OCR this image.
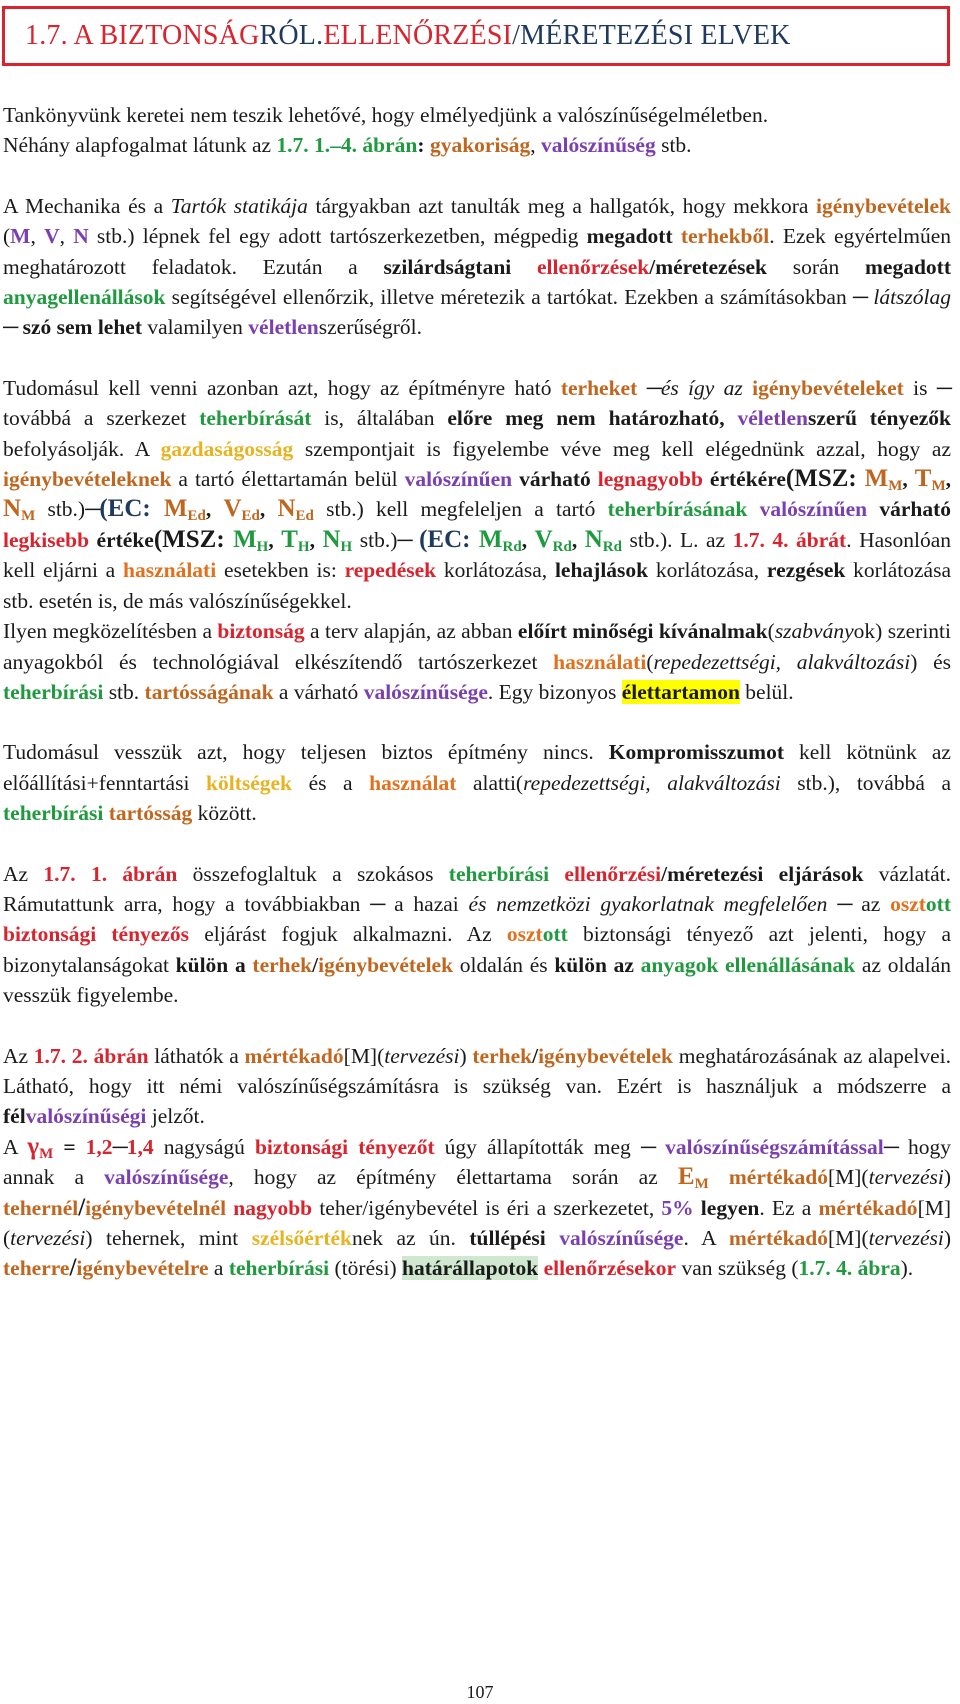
1.7. A BIZTONSÁG RÓL. ELLENŐRZÉSI /MÉRETEZÉSI ELVEK

Tankönyvünk keretei nem teszik lehetővé, hogy elmélyedjünk a valószínűségelméletben.
Néhány alapfogalmat látunk az 1.7. 1.–4. ábrán: gyakoriság, valószínűség stb.

A Mechanika és a Tartók statikája tárgyakban azt tanulták meg a hallgatók, hogy mekkora igénybevételek (M, V, N stb.) lépnek fel egy adott tartószerkezetben, mégpedig megadott terhekből. Ezek egyértelműen meghatározott feladatok. Ezután a szilárdságtani ellenőrzések/méretezések során megadott anyagellenállások segítségével ellenőrzik, illetve méretezik a tartókat. Ezekben a számításokban ─ látszólag ─ szó sem lehet valamilyen véletlenszerűségről.

Tudomásul kell venni azonban azt, hogy az építményre ható terheket ─és így az igénybevételeket is ─ továbbá a szerkezet teherbírását is, általában előre meg nem határozható, véletlenszerű tényezők befolyásolják. A gazdaságosság szempontjait is figyelembe véve meg kell elégednünk azzal, hogy az igénybevételeknek a tartó élettartamán belül valószínűen várható legnagyobb értékére(MSZ: $M_M$, $T_M$, $N_M$ stb.)─(EC: $M_{Ed}$, $V_{Ed}$, $N_{Ed}$ stb.) kell megfeleljen a tartó teherbírásának valószínűen várható legkisebb értéke(MSZ: $M_H$, $T_H$, $N_H$ stb.)─ (EC: $M_{Rd}$, $V_{Rd}$, $N_{Rd}$ stb.). L. az 1.7. 4. ábrát. Hasonlóan kell eljárni a használati esetekben is: repedések korlátozása, lehajlások korlátozása, rezgések korlátozása stb. esetén is, de más valószínűségekkel.

Ilyen megközelítésben a biztonság a terv alapján, az abban előírt minőségi kívánalmak(szabványok) szerinti anyagokból és technológiával elkészítendő tartószerkezet használati(repedezettségi, alakváltozási) és teherbírási stb. tartósságának a várható valószínűsége. Egy bizonyos élettartamon belül.

Tudomásul vesszük azt, hogy teljesen biztos építmény nincs. Kompromisszumot kell kötnünk az előállítási+fenntartási költségek és a használat alatti(repedezettségi, alakváltozási stb.), továbbá a teherbírási tartósság között.

Az 1.7. 1. ábrán összefoglaltuk a szokásos teherbírási ellenőrzési/méretezési eljárások vázlatát. Rámutattunk arra, hogy a továbbiakban ─ a hazai és nemzetközi gyakorlatnak megfelelően ─ az osztott biztonsági tényezős eljárást fogjuk alkalmazni. Az osztott biztonsági tényező azt jelenti, hogy a bizonytalanságokat külön a terhek/igénybevételek oldalán és külön az anyagok ellenállásának az oldalán vesszük figyelembe.

Az 1.7. 2. ábrán láthatók a mértékadó[M](tervezési) terhek/igénybevételek meghatározásának az alapelvei. Látható, hogy itt némi valószínűségszámításra is szükség van. Ezért is használjuk a módszerre a félvalószínűségi jelzőt.

A $\gamma_M$ = 1,2─1,4 nagyságú biztonsági tényezőt úgy állapították meg ─ valószínűségszámítással─ hogy annak a valószínűsége, hogy az építmény élettartama során az $E_M$ mértékadó[M](tervezési) tehernél/igénybevételnél nagyobb teher/igénybevétel is éri a szerkezetet, 5% legyen. Ez a mértékadó[M](tervezési) tehernek, mint szélsőértéknek az ún. túllépési valószínűsége. A mértékadó[M](tervezési) teherre/igénybevételre a teherbírási (törési) határállapotok ellenőrzésekor van szükség (1.7. 4. ábra).

107
